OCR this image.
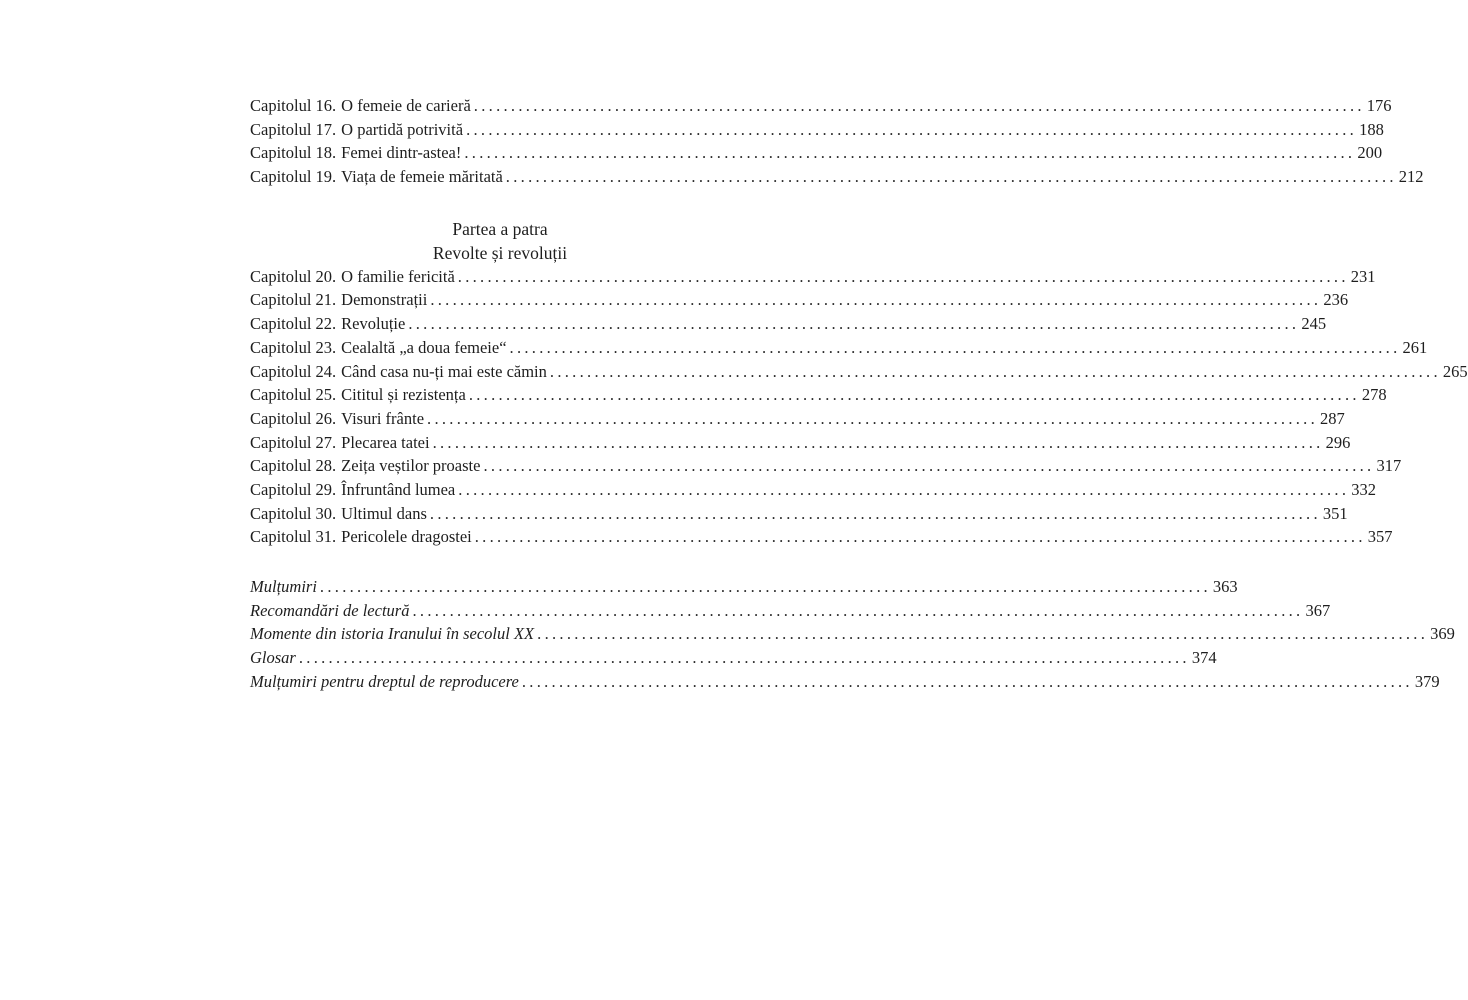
Capitolul 16. O femeie de carieră ........................................................................................................................ 176
Capitolul 17. O partidă potrivită ........................................................................................................................ 188
Capitolul 18. Femei dintr-astea! ........................................................................................................................ 200
Capitolul 19. Viața de femeie măritată ........................................................................................................................ 212
Partea a patra
Revolte și revoluții
Capitolul 20. O familie fericită ........................................................................................................................ 231
Capitolul 21. Demonstrații ........................................................................................................................ 236
Capitolul 22. Revoluție ........................................................................................................................ 245
Capitolul 23. Cealaltă „a doua femeie“ ........................................................................................................................ 261
Capitolul 24. Când casa nu-ți mai este cămin ........................................................................................................................ 265
Capitolul 25. Cititul și rezistența ........................................................................................................................ 278
Capitolul 26. Visuri frânte ........................................................................................................................ 287
Capitolul 27. Plecarea tatei ........................................................................................................................ 296
Capitolul 28. Zeița veștilor proaste ........................................................................................................................ 317
Capitolul 29. Înfruntând lumea ........................................................................................................................ 332
Capitolul 30. Ultimul dans ........................................................................................................................ 351
Capitolul 31. Pericolele dragostei ........................................................................................................................ 357
Mulțumiri ........................................................................................................................ 363
Recomandări de lectură ........................................................................................................................ 367
Momente din istoria Iranului în secolul XX ........................................................................................................................ 369
Glosar ........................................................................................................................ 374
Mulțumiri pentru dreptul de reproducere ........................................................................................................................ 379
